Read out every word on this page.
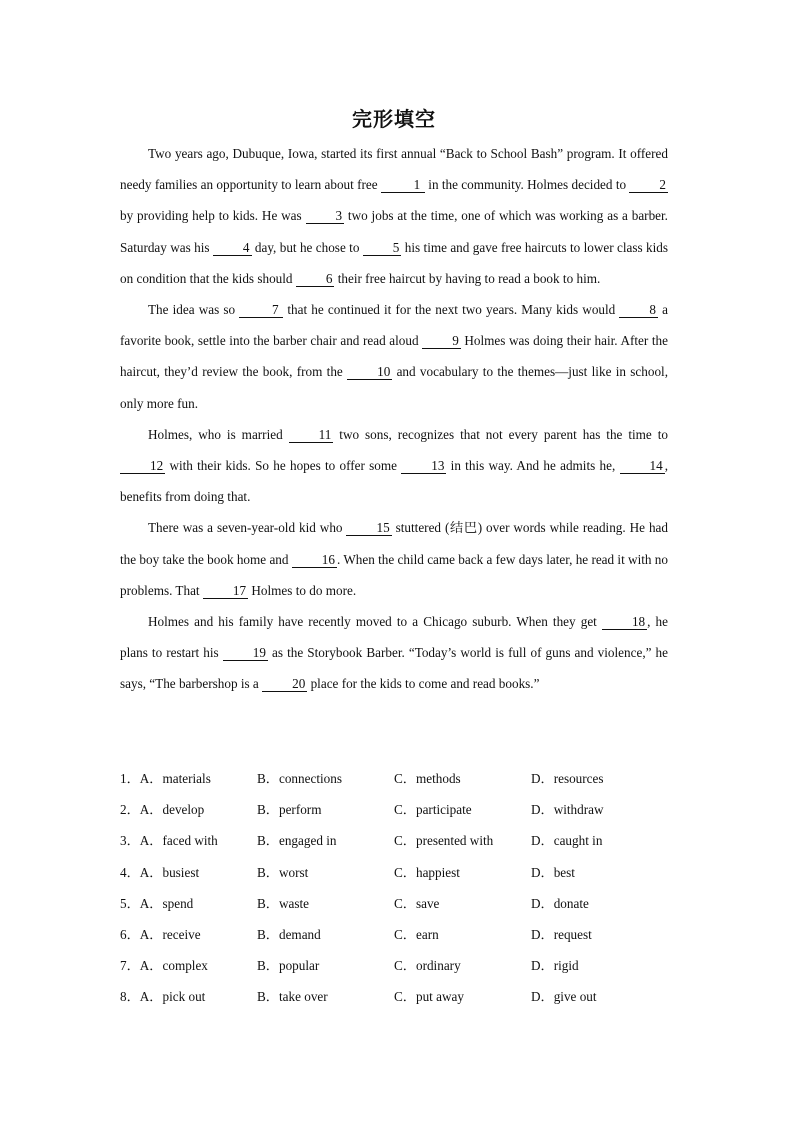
完形填空

Two years ago, Dubuque, Iowa, started its first annual “Back to School Bash” program. It offered needy families an opportunity to learn about free 1 in the community. Holmes decided to 2 by providing help to kids. He was 3 two jobs at the time, one of which was working as a barber. Saturday was his 4 day, but he chose to 5 his time and gave free haircuts to lower class kids on condition that the kids should 6 their free haircut by having to read a book to him.

The idea was so 7 that he continued it for the next two years. Many kids would 8 a favorite book, settle into the barber chair and read aloud 9 Holmes was doing their hair. After the haircut, they’d review the book, from the 10 and vocabulary to the themes—just like in school, only more fun.

Holmes, who is married 11 two sons, recognizes that not every parent has the time to 12 with their kids. So he hopes to offer some 13 in this way. And he admits he, 14 , benefits from doing that.

There was a seven-year-old kid who 15 stuttered (结巴) over words while reading. He had the boy take the book home and 16 . When the child came back a few days later, he read it with no problems. That 17 Holmes to do more.

Holmes and his family have recently moved to a Chicago suburb. When they get 18 , he plans to restart his 19 as the Storybook Barber. “Today’s world is full of guns and violence,” he says, “The barbershop is a 20 place for the kids to come and read books.”

1．A．materials	B．connections	C．methods	D．resources
2．A．develop	B．perform	C．participate	D．withdraw
3．A．faced with	B．engaged in	C．presented with	D．caught in
4．A．busiest	B．worst	C．happiest	D．best
5．A．spend	B．waste	C．save	D．donate
6．A．receive	B．demand	C．earn	D．request
7．A．complex	B．popular	C．ordinary	D．rigid
8．A．pick out	B．take over	C．put away	D．give out
